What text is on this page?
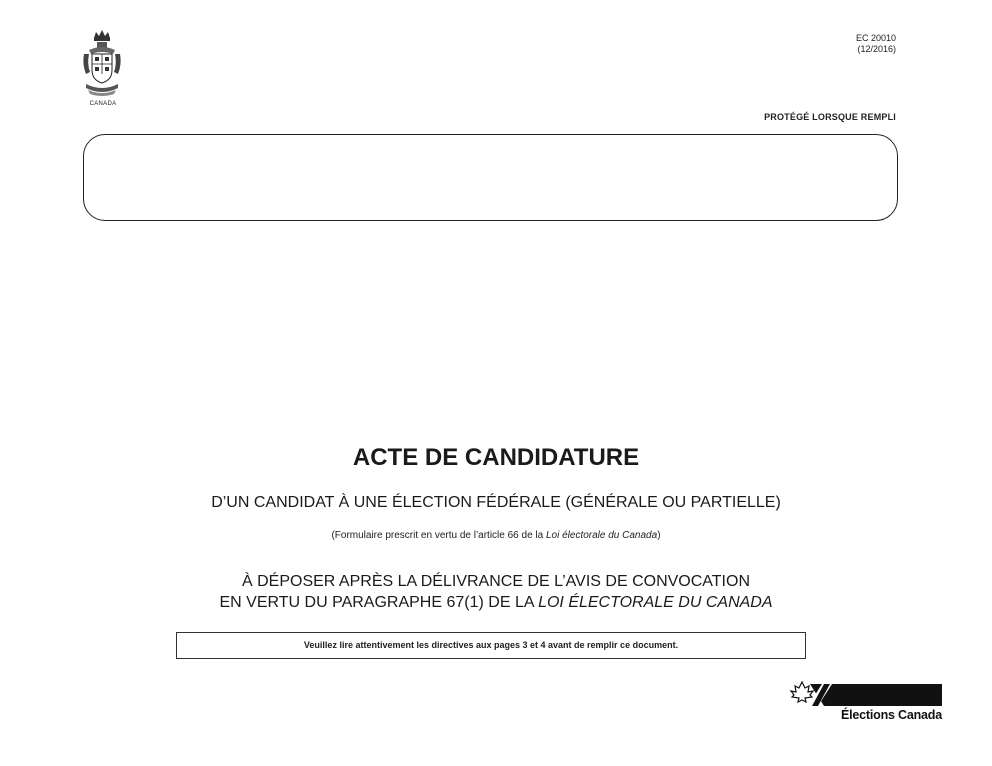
CANADA
EC 20010
(12/2016)
PROTÉGÉ LORSQUE REMPLI
ACTE DE CANDIDATURE
D’UN CANDIDAT À UNE ÉLECTION FÉDÉRALE (GÉNÉRALE OU PARTIELLE)
(Formulaire prescrit en vertu de l’article 66 de la Loi électorale du Canada)
À DÉPOSER APRÈS LA DÉLIVRANCE DE L’AVIS DE CONVOCATION
EN VERTU DU PARAGRAPHE 67(1) DE LA LOI ÉLECTORALE DU CANADA
Veuillez lire attentivement les directives aux pages 3 et 4 avant de remplir ce document.
Élections Canada
